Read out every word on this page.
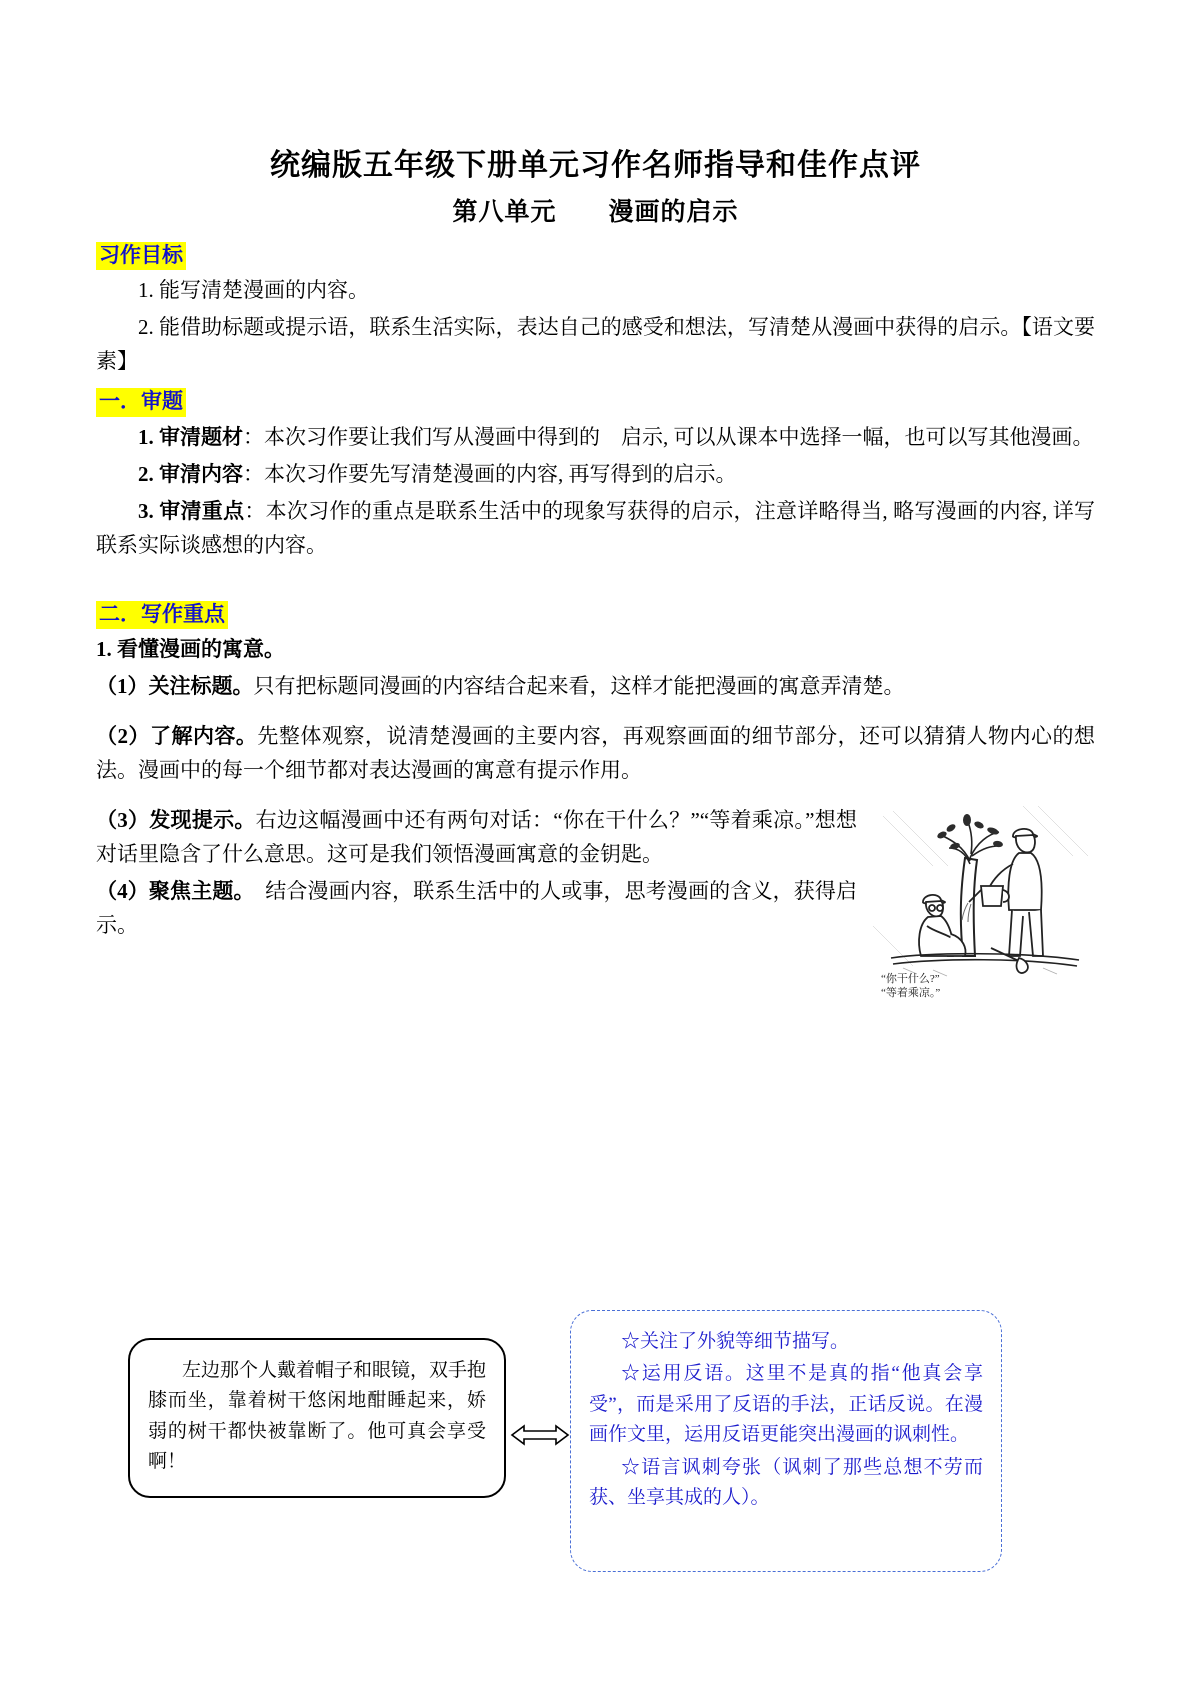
统编版五年级下册单元习作名师指导和佳作点评
第八单元　　漫画的启示
习作目标

1. 能写清楚漫画的内容。

2. 能借助标题或提示语，联系生活实际，表达自己的感受和想法，写清楚从漫画中获得的启示。【语文要素】

一．审题

1. 审清题材：本次习作要让我们写从漫画中得到的　启示, 可以从课本中选择一幅，也可以写其他漫画。

2. 审清内容：本次习作要先写清楚漫画的内容, 再写得到的启示。

3. 审清重点：本次习作的重点是联系生活中的现象写获得的启示，注意详略得当, 略写漫画的内容, 详写联系实际谈感想的内容。

二．写作重点

1. 看懂漫画的寓意。

（1）关注标题。只有把标题同漫画的内容结合起来看，这样才能把漫画的寓意弄清楚。

（2）了解内容。先整体观察，说清楚漫画的主要内容，再观察画面的细节部分，还可以猜猜人物内心的想法。漫画中的每一个细节都对表达漫画的寓意有提示作用。

“你干什么?”
“等着乘凉。”

（3）发现提示。右边这幅漫画中还有两句对话：“你在干什么？”“等着乘凉。”想想对话里隐含了什么意思。这可是我们领悟漫画寓意的金钥匙。

（4）聚焦主题。　结合漫画内容，联系生活中的人或事，思考漫画的含义，获得启示。

左边那个人戴着帽子和眼镜，双手抱膝而坐，靠着树干悠闲地酣睡起来，娇弱的树干都快被靠断了。他可真会享受啊！

☆关注了外貌等细节描写。

☆运用反语。这里不是真的指“他真会享受”，而是采用了反语的手法，正话反说。在漫画作文里，运用反语更能突出漫画的讽刺性。

☆语言讽刺夸张（讽刺了那些总想不劳而获、坐享其成的人）。
